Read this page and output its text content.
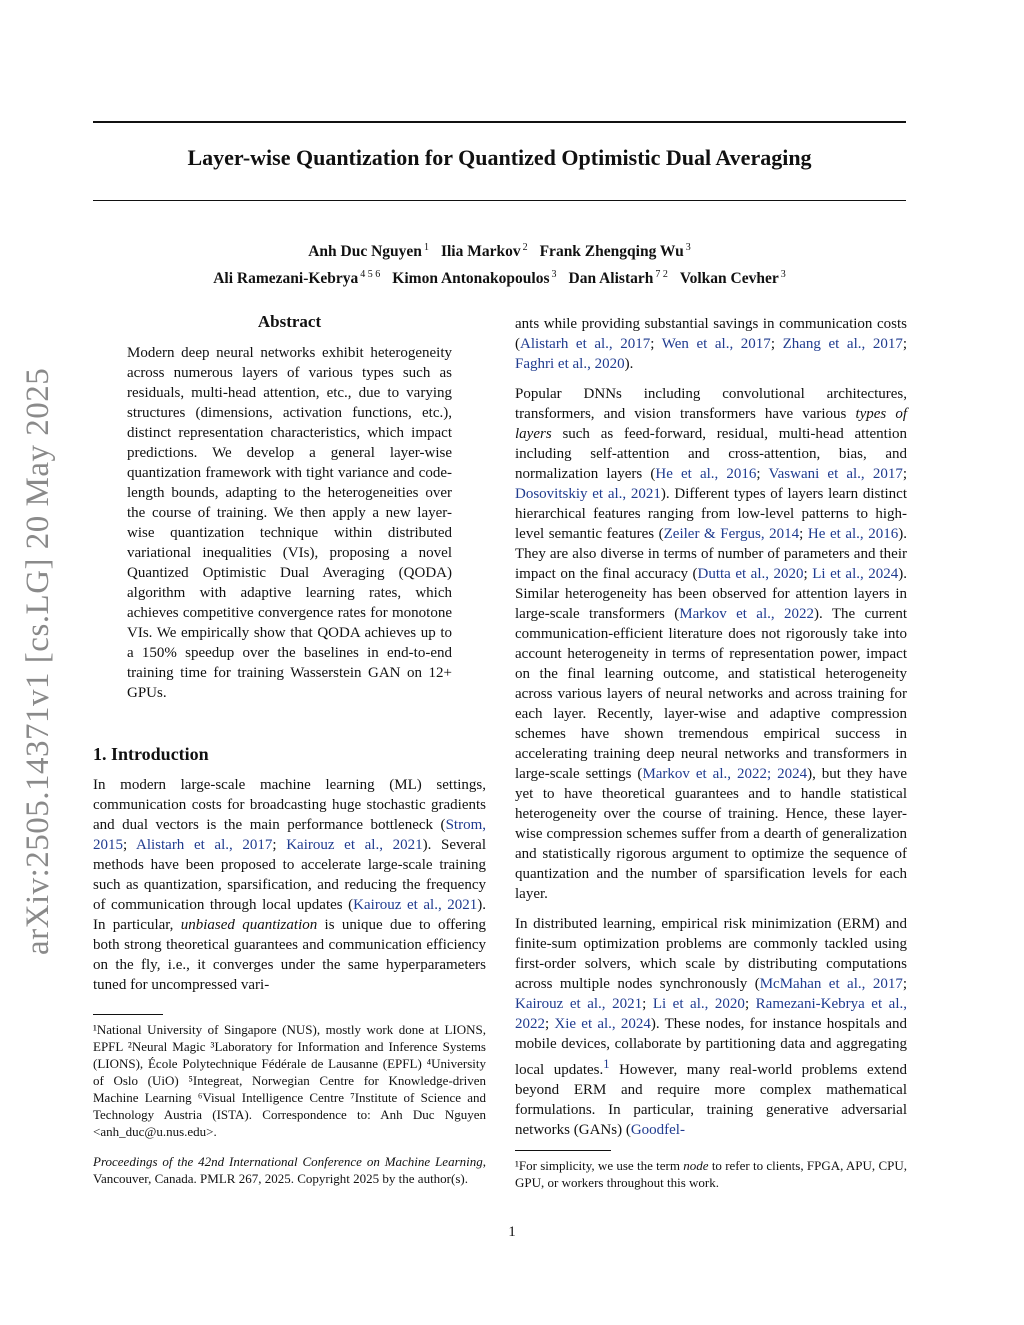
arXiv:2505.14371v1 [cs.LG] 20 May 2025
Layer-wise Quantization for Quantized Optimistic Dual Averaging
Anh Duc Nguyen $^1$ Ilia Markov $^2$ Frank Zhengqing Wu $^3$
Ali Ramezani-Kebrya $^{4 5 6}$ Kimon Antonakopoulos $^3$ Dan Alistarh $^{7 2}$ Volkan Cevher $^3$
Abstract
Modern deep neural networks exhibit heterogeneity across numerous layers of various types such as residuals, multi-head attention, etc., due to varying structures (dimensions, activation functions, etc.), distinct representation characteristics, which impact predictions. We develop a general layer-wise quantization framework with tight variance and code-length bounds, adapting to the heterogeneities over the course of training. We then apply a new layer-wise quantization technique within distributed variational inequalities (VIs), proposing a novel Quantized Optimistic Dual Averaging (QODA) algorithm with adaptive learning rates, which achieves competitive convergence rates for monotone VIs. We empirically show that QODA achieves up to a 150% speedup over the baselines in end-to-end training time for training Wasserstein GAN on 12+ GPUs.
1. Introduction

In modern large-scale machine learning (ML) settings, communication costs for broadcasting huge stochastic gradients and dual vectors is the main performance bottleneck (Strom, 2015; Alistarh et al., 2017; Kairouz et al., 2021). Several methods have been proposed to accelerate large-scale training such as quantization, sparsification, and reducing the frequency of communication through local updates (Kairouz et al., 2021). In particular, unbiased quantization is unique due to offering both strong theoretical guarantees and communication efficiency on the fly, i.e., it converges under the same hyperparameters tuned for uncompressed vari-

¹National University of Singapore (NUS), mostly work done at LIONS, EPFL ²Neural Magic ³Laboratory for Information and Inference Systems (LIONS), École Polytechnique Fédérale de Lausanne (EPFL) ⁴University of Oslo (UiO) ⁵Integreat, Norwegian Centre for Knowledge-driven Machine Learning ⁶Visual Intelligence Centre ⁷Institute of Science and Technology Austria (ISTA). Correspondence to: Anh Duc Nguyen <anh_duc@u.nus.edu>.

Proceedings of the 42nd International Conference on Machine Learning, Vancouver, Canada. PMLR 267, 2025. Copyright 2025 by the author(s).

ants while providing substantial savings in communication costs (Alistarh et al., 2017; Wen et al., 2017; Zhang et al., 2017; Faghri et al., 2020).

Popular DNNs including convolutional architectures, transformers, and vision transformers have various types of layers such as feed-forward, residual, multi-head attention including self-attention and cross-attention, bias, and normalization layers (He et al., 2016; Vaswani et al., 2017; Dosovitskiy et al., 2021). Different types of layers learn distinct hierarchical features ranging from low-level patterns to high-level semantic features (Zeiler & Fergus, 2014; He et al., 2016). They are also diverse in terms of number of parameters and their impact on the final accuracy (Dutta et al., 2020; Li et al., 2024). Similar heterogeneity has been observed for attention layers in large-scale transformers (Markov et al., 2022). The current communication-efficient literature does not rigorously take into account heterogeneity in terms of representation power, impact on the final learning outcome, and statistical heterogeneity across various layers of neural networks and across training for each layer. Recently, layer-wise and adaptive compression schemes have shown tremendous empirical success in accelerating training deep neural networks and transformers in large-scale settings (Markov et al., 2022; 2024), but they have yet to have theoretical guarantees and to handle statistical heterogeneity over the course of training. Hence, these layer-wise compression schemes suffer from a dearth of generalization and statistically rigorous argument to optimize the sequence of quantization and the number of sparsification levels for each layer.

In distributed learning, empirical risk minimization (ERM) and finite-sum optimization problems are commonly tackled using first-order solvers, which scale by distributing computations across multiple nodes synchronously (McMahan et al., 2017; Kairouz et al., 2021; Li et al., 2020; Ramezani-Kebrya et al., 2022; Xie et al., 2024). These nodes, for instance hospitals and mobile devices, collaborate by partitioning data and aggregating local updates.$^1$ However, many real-world problems extend beyond ERM and require more complex mathematical formulations. In particular, training generative adversarial networks (GANs) (Goodfel-

¹For simplicity, we use the term node to refer to clients, FPGA, APU, CPU, GPU, or workers throughout this work.

1
